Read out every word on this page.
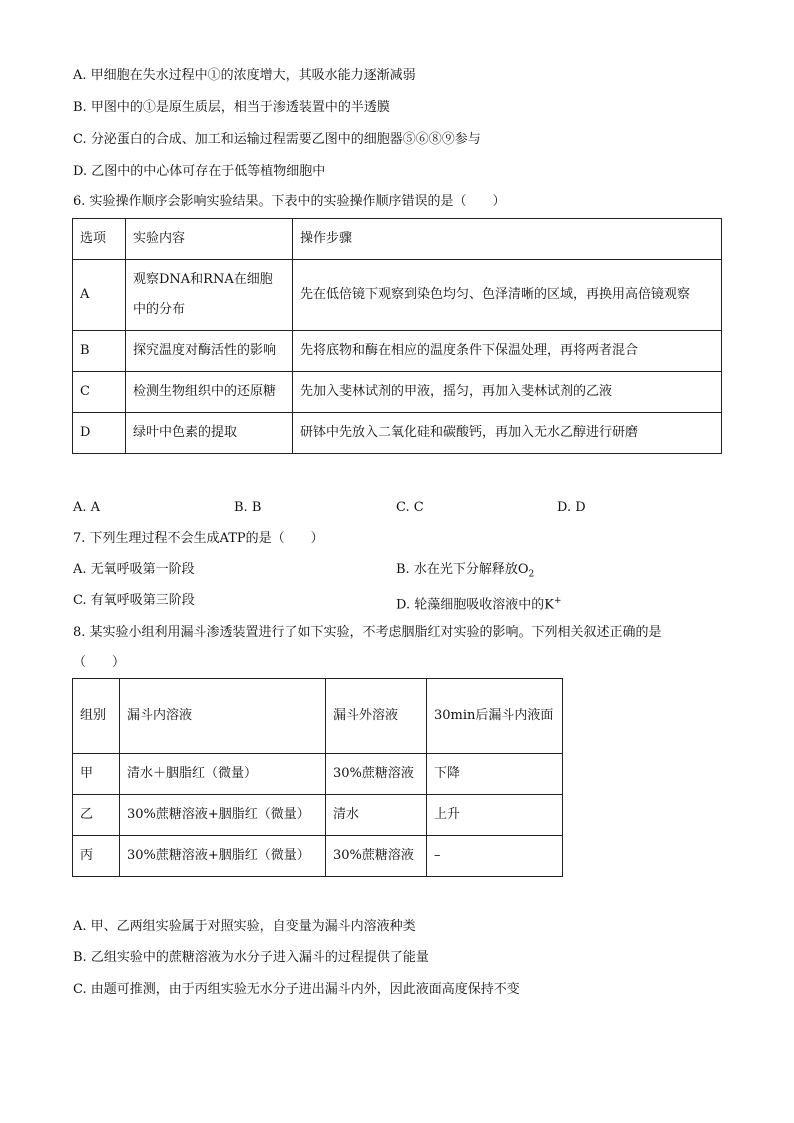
A. 甲细胞在失水过程中①的浓度增大，其吸水能力逐渐减弱
B. 甲图中的①是原生质层，相当于渗透装置中的半透膜
C. 分泌蛋白的合成、加工和运输过程需要乙图中的细胞器⑤⑥⑧⑨参与
D. 乙图中的中心体可存在于低等植物细胞中
6. 实验操作顺序会影响实验结果。下表中的实验操作顺序错误的是（　　）
选项	实验内容	操作步骤
A	观察DNA和RNA在细胞中的分布	先在低倍镜下观察到染色均匀、色泽清晰的区域，再换用高倍镜观察
B	探究温度对酶活性的影响	先将底物和酶在相应的温度条件下保温处理，再将两者混合
C	检测生物组织中的还原糖	先加入斐林试剂的甲液，摇匀，再加入斐林试剂的乙液
D	绿叶中色素的提取	研钵中先放入二氧化硅和碳酸钙，再加入无水乙醇进行研磨
A. A	B. B	C. C	D. D
7. 下列生理过程不会生成ATP的是（　　）
A. 无氧呼吸第一阶段	B. 水在光下分解释放$O_2$
C. 有氧呼吸第三阶段	D. 轮藻细胞吸收溶液中的K+
8. 某实验小组利用漏斗渗透装置进行了如下实验，不考虑胭脂红对实验的影响。下列相关叙述正确的是
（　　）
组别	漏斗内溶液	漏斗外溶液	30min后漏斗内液面
甲	清水＋胭脂红（微量）	30%蔗糖溶液	下降
乙	30%蔗糖溶液+胭脂红（微量）	清水	上升
丙	30%蔗糖溶液+胭脂红（微量）	30%蔗糖溶液	–
A. 甲、乙两组实验属于对照实验，自变量为漏斗内溶液种类
B. 乙组实验中的蔗糖溶液为水分子进入漏斗的过程提供了能量
C. 由题可推测，由于丙组实验无水分子进出漏斗内外，因此液面高度保持不变
